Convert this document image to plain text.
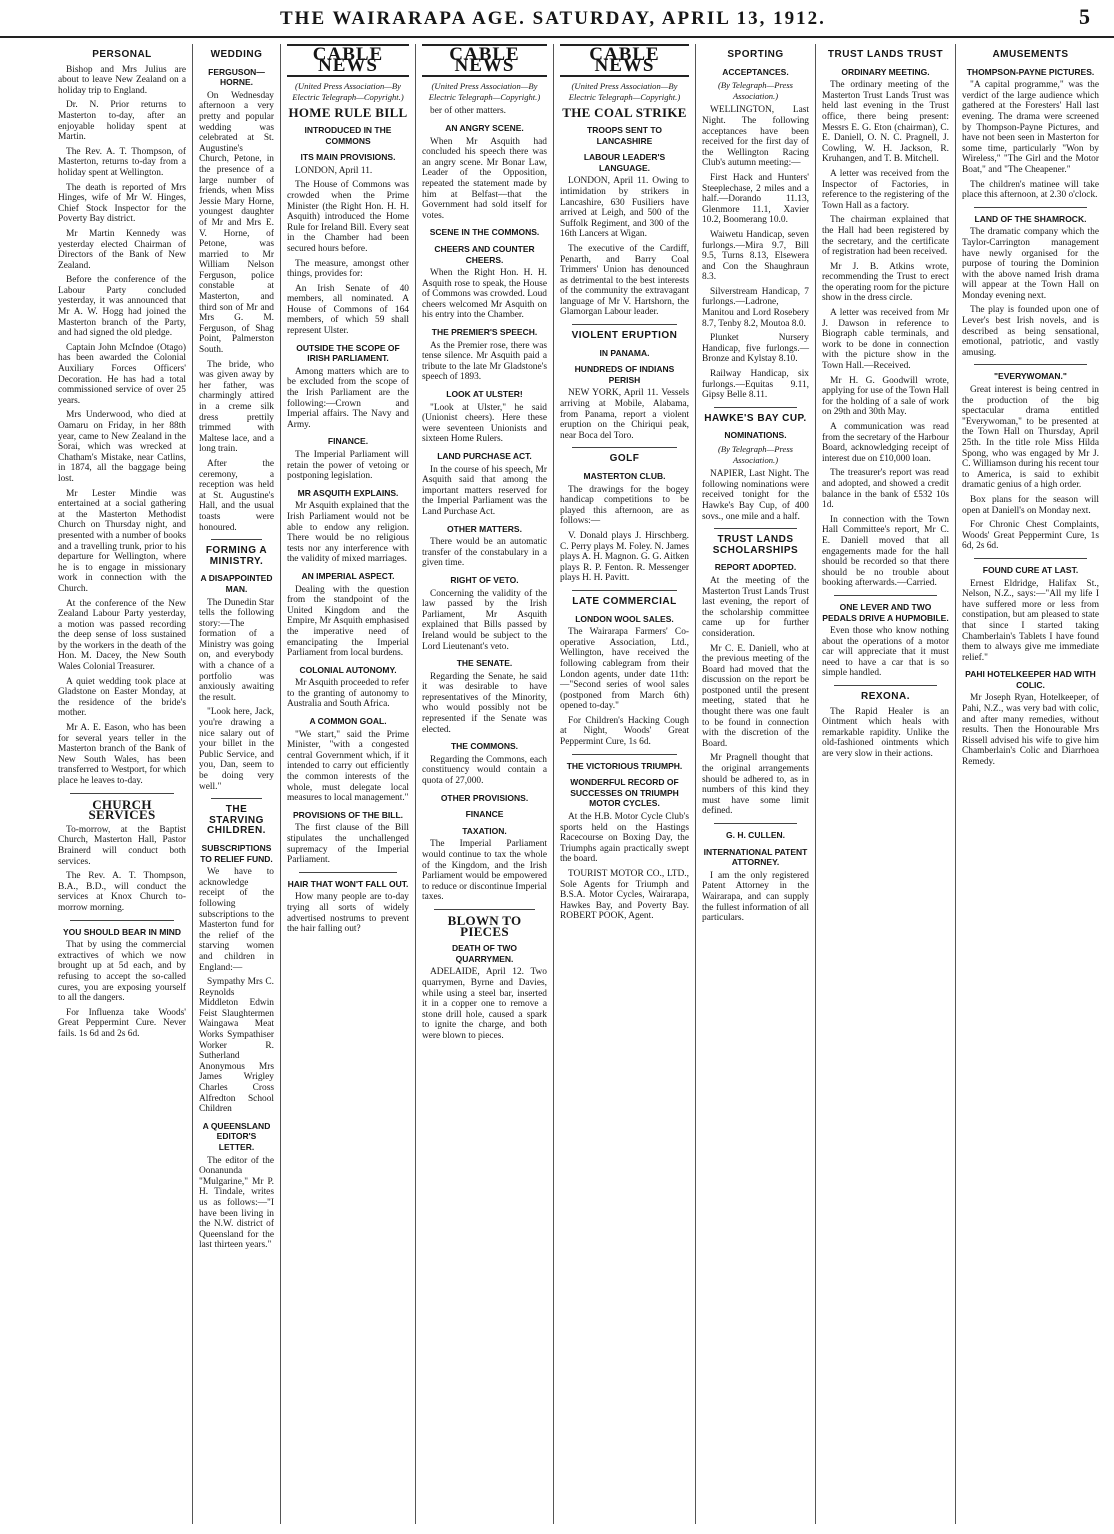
THE WAIRARAPA AGE. SATURDAY, APRIL 13, 1912.	5
PERSONAL

Bishop and Mrs Julius are about to leave New Zealand on a holiday trip to England.

Dr. N. Prior returns to Masterton to-day, after an enjoyable holiday spent at Martin.

The Rev. A. T. Thompson, of Masterton, returns to-day from a holiday spent at Wellington.

The death is reported of Mrs Hinges, wife of Mr W. Hinges, Chief Stock Inspector for the Poverty Bay district.

Mr Martin Kennedy was yesterday elected Chairman of Directors of the Bank of New Zealand.

Before the conference of the Labour Party concluded yesterday, it was announced that Mr A. W. Hogg had joined the Masterton branch of the Party, and had signed the old pledge.

Captain John McIndoe (Otago) has been awarded the Colonial Auxiliary Forces Officers' Decoration. He has had a total commissioned service of over 25 years.

Mrs Underwood, who died at Oamaru on Friday, in her 88th year, came to New Zealand in the Sorai, which was wrecked at Chatham's Mistake, near Catlins, in 1874, all the baggage being lost.

Mr Lester Mindie was entertained at a social gathering at the Masterton Methodist Church on Thursday night, and presented with a number of books and a travelling trunk, prior to his departure for Wellington, where he is to engage in missionary work in connection with the Church.

At the conference of the New Zealand Labour Party yesterday, a motion was passed recording the deep sense of loss sustained by the workers in the death of the Hon. M. Dacey, the New South Wales Colonial Treasurer.

A quiet wedding took place at Gladstone on Easter Monday, at the residence of the bride's mother.

Mr A. E. Eason, who has been for several years teller in the Masterton branch of the Bank of New South Wales, has been transferred to Westport, for which place he leaves to-day.

CHURCH SERVICES

To-morrow, at the Baptist Church, Masterton Hall, Pastor Brainerd will conduct both services.

The Rev. A. T. Thompson, B.A., B.D., will conduct the services at Knox Church to-morrow morning.

YOU SHOULD BEAR IN MIND

That by using the commercial extractives of which we now brought up at 5d each, and by refusing to accept the so-called cures, you are exposing yourself to all the dangers.

For Influenza take Woods' Great Peppermint Cure. Never fails. 1s 6d and 2s 6d.

WEDDING
FERGUSON—HORNE.

On Wednesday afternoon a very pretty and popular wedding was celebrated at St. Augustine's Church, Petone, in the presence of a large number of friends, when Miss Jessie Mary Horne, youngest daughter of Mr and Mrs E. V. Horne, of Petone, was married to Mr William Nelson Ferguson, police constable at Masterton, and third son of Mr and Mrs G. M. Ferguson, of Shag Point, Palmerston South.

The bride, who was given away by her father, was charmingly attired in a creme silk dress prettily trimmed with Maltese lace, and a long train.

After the ceremony, a reception was held at St. Augustine's Hall, and the usual toasts were honoured.

FORMING A MINISTRY.
A DISAPPOINTED MAN.

The Dunedin Star tells the following story:—The formation of a Ministry was going on, and everybody with a chance of a portfolio was anxiously awaiting the result.

"Look here, Jack, you're drawing a nice salary out of your billet in the Public Service, and you, Dan, seem to be doing very well."

THE STARVING CHILDREN.
SUBSCRIPTIONS TO RELIEF FUND.

We have to acknowledge receipt of the following subscriptions to the Masterton fund for the relief of the starving women and children in England:—

Sympathy Mrs C. Reynolds Middleton Edwin Feist Slaughtermen Waingawa Meat Works Sympathiser Worker R. Sutherland Anonymous Mrs James Wrigley Charles Cross Alfredton School Children

A QUEENSLAND EDITOR'S LETTER.

The editor of the Oonanunda "Mulgarine," Mr P. H. Tindale, writes us as follows:—"I have been living in the N.W. district of Queensland for the last thirteen years."

CABLE NEWS
(United Press Association—By Electric Telegraph—Copyright.)
HOME RULE BILL
INTRODUCED IN THE COMMONS
ITS MAIN PROVISIONS.

LONDON, April 11.

The House of Commons was crowded when the Prime Minister (the Right Hon. H. H. Asquith) introduced the Home Rule for Ireland Bill. Every seat in the Chamber had been secured hours before.

The measure, amongst other things, provides for:

An Irish Senate of 40 members, all nominated. A House of Commons of 164 members, of which 59 shall represent Ulster.

OUTSIDE THE SCOPE OF IRISH PARLIAMENT.

Among matters which are to be excluded from the scope of the Irish Parliament are the following:—Crown and Imperial affairs. The Navy and Army.

FINANCE.

The Imperial Parliament will retain the power of vetoing or postponing legislation.

MR ASQUITH EXPLAINS.

Mr Asquith explained that the Irish Parliament would not be able to endow any religion. There would be no religious tests nor any interference with the validity of mixed marriages.

AN IMPERIAL ASPECT.

Dealing with the question from the standpoint of the United Kingdom and the Empire, Mr Asquith emphasised the imperative need of emancipating the Imperial Parliament from local burdens.

COLONIAL AUTONOMY.

Mr Asquith proceeded to refer to the granting of autonomy to Australia and South Africa.

A COMMON GOAL.

"We start," said the Prime Minister, "with a congested central Government which, if it intended to carry out efficiently the common interests of the whole, must delegate local measures to local management."

PROVISIONS OF THE BILL.

The first clause of the Bill stipulates the unchallenged supremacy of the Imperial Parliament.

HAIR THAT WON'T FALL OUT.

How many people are to-day trying all sorts of widely advertised nostrums to prevent the hair falling out?

CABLE NEWS
(United Press Association—By Electric Telegraph—Copyright.)

ber of other matters.

AN ANGRY SCENE.

When Mr Asquith had concluded his speech there was an angry scene. Mr Bonar Law, Leader of the Opposition, repeated the statement made by him at Belfast—that the Government had sold itself for votes.

SCENE IN THE COMMONS.
CHEERS AND COUNTER CHEERS.

When the Right Hon. H. H. Asquith rose to speak, the House of Commons was crowded. Loud cheers welcomed Mr Asquith on his entry into the Chamber.

THE PREMIER'S SPEECH.

As the Premier rose, there was tense silence. Mr Asquith paid a tribute to the late Mr Gladstone's speech of 1893.

LOOK AT ULSTER!

"Look at Ulster," he said (Unionist cheers). Here these were seventeen Unionists and sixteen Home Rulers.

LAND PURCHASE ACT.

In the course of his speech, Mr Asquith said that among the important matters reserved for the Imperial Parliament was the Land Purchase Act.

OTHER MATTERS.

There would be an automatic transfer of the constabulary in a given time.

RIGHT OF VETO.

Concerning the validity of the law passed by the Irish Parliament, Mr Asquith explained that Bills passed by Ireland would be subject to the Lord Lieutenant's veto.

THE SENATE.

Regarding the Senate, he said it was desirable to have representatives of the Minority, who would possibly not be represented if the Senate was elected.

THE COMMONS.

Regarding the Commons, each constituency would contain a quota of 27,000.

OTHER PROVISIONS.
FINANCE
TAXATION.

The Imperial Parliament would continue to tax the whole of the Kingdom, and the Irish Parliament would be empowered to reduce or discontinue Imperial taxes.

BLOWN TO PIECES
DEATH OF TWO QUARRYMEN.

ADELAIDE, April 12. Two quarrymen, Byrne and Davies, while using a steel bar, inserted it in a copper one to remove a stone drill hole, caused a spark to ignite the charge, and both were blown to pieces.

CABLE NEWS
(United Press Association—By Electric Telegraph—Copyright.)
THE COAL STRIKE
TROOPS SENT TO LANCASHIRE
LABOUR LEADER'S LANGUAGE.

LONDON, April 11. Owing to intimidation by strikers in Lancashire, 630 Fusiliers have arrived at Leigh, and 500 of the Suffolk Regiment, and 300 of the 16th Lancers at Wigan.

The executive of the Cardiff, Penarth, and Barry Coal Trimmers' Union has denounced as detrimental to the best interests of the community the extravagant language of Mr V. Hartshorn, the Glamorgan Labour leader.

VIOLENT ERUPTION
IN PANAMA.
HUNDREDS OF INDIANS PERISH

NEW YORK, April 11. Vessels arriving at Mobile, Alabama, from Panama, report a violent eruption on the Chiriqui peak, near Boca del Toro.

GOLF
MASTERTON CLUB.

The drawings for the bogey handicap competitions to be played this afternoon, are as follows:—

V. Donald plays J. Hirschberg. C. Perry plays M. Foley. N. James plays A. H. Magnon. G. G. Aitken plays R. P. Fenton. R. Messenger plays H. H. Pavitt.

LATE COMMERCIAL
LONDON WOOL SALES.

The Wairarapa Farmers' Co-operative Association, Ltd., Wellington, have received the following cablegram from their London agents, under date 11th:—"Second series of wool sales (postponed from March 6th) opened to-day."

For Children's Hacking Cough at Night, Woods' Great Peppermint Cure, 1s 6d.

THE VICTORIOUS TRIUMPH.
WONDERFUL RECORD OF SUCCESSES ON TRIUMPH MOTOR CYCLES.

At the H.B. Motor Cycle Club's sports held on the Hastings Racecourse on Boxing Day, the Triumphs again practically swept the board.

TOURIST MOTOR CO., LTD., Sole Agents for Triumph and B.S.A. Motor Cycles, Wairarapa, Hawkes Bay, and Poverty Bay. ROBERT POOK, Agent.

SPORTING
ACCEPTANCES.
(By Telegraph—Press Association.)

WELLINGTON, Last Night. The following acceptances have been received for the first day of the Wellington Racing Club's autumn meeting:—

First Hack and Hunters' Steeplechase, 2 miles and a half.—Dorando 11.13, Glenmore 11.1, Xavier 10.2, Boomerang 10.0.

Waiwetu Handicap, seven furlongs.—Mira 9.7, Bill 9.5, Turns 8.13, Elsewera and Con the Shaughraun 8.3.

Silverstream Handicap, 7 furlongs.—Ladrone, Manitou and Lord Rosebery 8.7, Tenby 8.2, Moutoa 8.0.

Plunket Nursery Handicap, five furlongs.—Bronze and Kylstay 8.10.

Railway Handicap, six furlongs.—Equitas 9.11, Gipsy Belle 8.11.

HAWKE'S BAY CUP.
NOMINATIONS.
(By Telegraph—Press Association.)

NAPIER, Last Night. The following nominations were received tonight for the Hawke's Bay Cup, of 400 sovs., one mile and a half.

TRUST LANDS SCHOLARSHIPS
REPORT ADOPTED.

At the meeting of the Masterton Trust Lands Trust last evening, the report of the scholarship committee came up for further consideration.

Mr C. E. Daniell, who at the previous meeting of the Board had moved that the discussion on the report be postponed until the present meeting, stated that he thought there was one fault to be found in connection with the discretion of the Board.

Mr Pragnell thought that the original arrangements should be adhered to, as in numbers of this kind they must have some limit defined.

G. H. CULLEN.
INTERNATIONAL PATENT ATTORNEY.

I am the only registered Patent Attorney in the Wairarapa, and can supply the fullest information of all particulars.

TRUST LANDS TRUST
ORDINARY MEETING.

The ordinary meeting of the Masterton Trust Lands Trust was held last evening in the Trust office, there being present: Messrs E. G. Eton (chairman), C. E. Daniell, O. N. C. Pragnell, J. Cowling, W. H. Jackson, R. Kruhangen, and T. B. Mitchell.

A letter was received from the Inspector of Factories, in reference to the registering of the Town Hall as a factory.

The chairman explained that the Hall had been registered by the secretary, and the certificate of registration had been received.

Mr J. B. Atkins wrote, recommending the Trust to erect the operating room for the picture show in the dress circle.

A letter was received from Mr J. Dawson in reference to Biograph cable terminals, and work to be done in connection with the picture show in the Town Hall.—Received.

Mr H. G. Goodwill wrote, applying for use of the Town Hall for the holding of a sale of work on 29th and 30th May.

A communication was read from the secretary of the Harbour Board, acknowledging receipt of interest due on £10,000 loan.

The treasurer's report was read and adopted, and showed a credit balance in the bank of £532 10s 1d.

In connection with the Town Hall Committee's report, Mr C. E. Daniell moved that all engagements made for the hall should be recorded so that there should be no trouble about booking afterwards.—Carried.

ONE LEVER AND TWO PEDALS DRIVE A HUPMOBILE.

Even those who know nothing about the operations of a motor car will appreciate that it must need to have a car that is so simple handled.

REXONA.

The Rapid Healer is an Ointment which heals with remarkable rapidity. Unlike the old-fashioned ointments which are very slow in their actions.

AMUSEMENTS
THOMPSON-PAYNE PICTURES.

"A capital programme," was the verdict of the large audience which gathered at the Foresters' Hall last evening. The drama were screened by Thompson-Payne Pictures, and have not been seen in Masterton for some time, particularly "Won by Wireless," "The Girl and the Motor Boat," and "The Cheapener."

The children's matinee will take place this afternoon, at 2.30 o'clock.

LAND OF THE SHAMROCK.

The dramatic company which the Taylor-Carrington management have newly organised for the purpose of touring the Dominion with the above named Irish drama will appear at the Town Hall on Monday evening next.

The play is founded upon one of Lever's best Irish novels, and is described as being sensational, emotional, patriotic, and vastly amusing.

"EVERYWOMAN."

Great interest is being centred in the production of the big spectacular drama entitled "Everywoman," to be presented at the Town Hall on Thursday, April 25th. In the title role Miss Hilda Spong, who was engaged by Mr J. C. Williamson during his recent tour to America, is said to exhibit dramatic genius of a high order.

Box plans for the season will open at Daniell's on Monday next.

For Chronic Chest Complaints, Woods' Great Peppermint Cure, 1s 6d, 2s 6d.

FOUND CURE AT LAST.

Ernest Eldridge, Halifax St., Nelson, N.Z., says:—"All my life I have suffered more or less from constipation, but am pleased to state that since I started taking Chamberlain's Tablets I have found them to always give me immediate relief."

PAHI HOTELKEEPER HAD WITH COLIC.

Mr Joseph Ryan, Hotelkeeper, of Pahi, N.Z., was very bad with colic, and after many remedies, without results. Then the Honourable Mrs Rissell advised his wife to give him Chamberlain's Colic and Diarrhoea Remedy.
